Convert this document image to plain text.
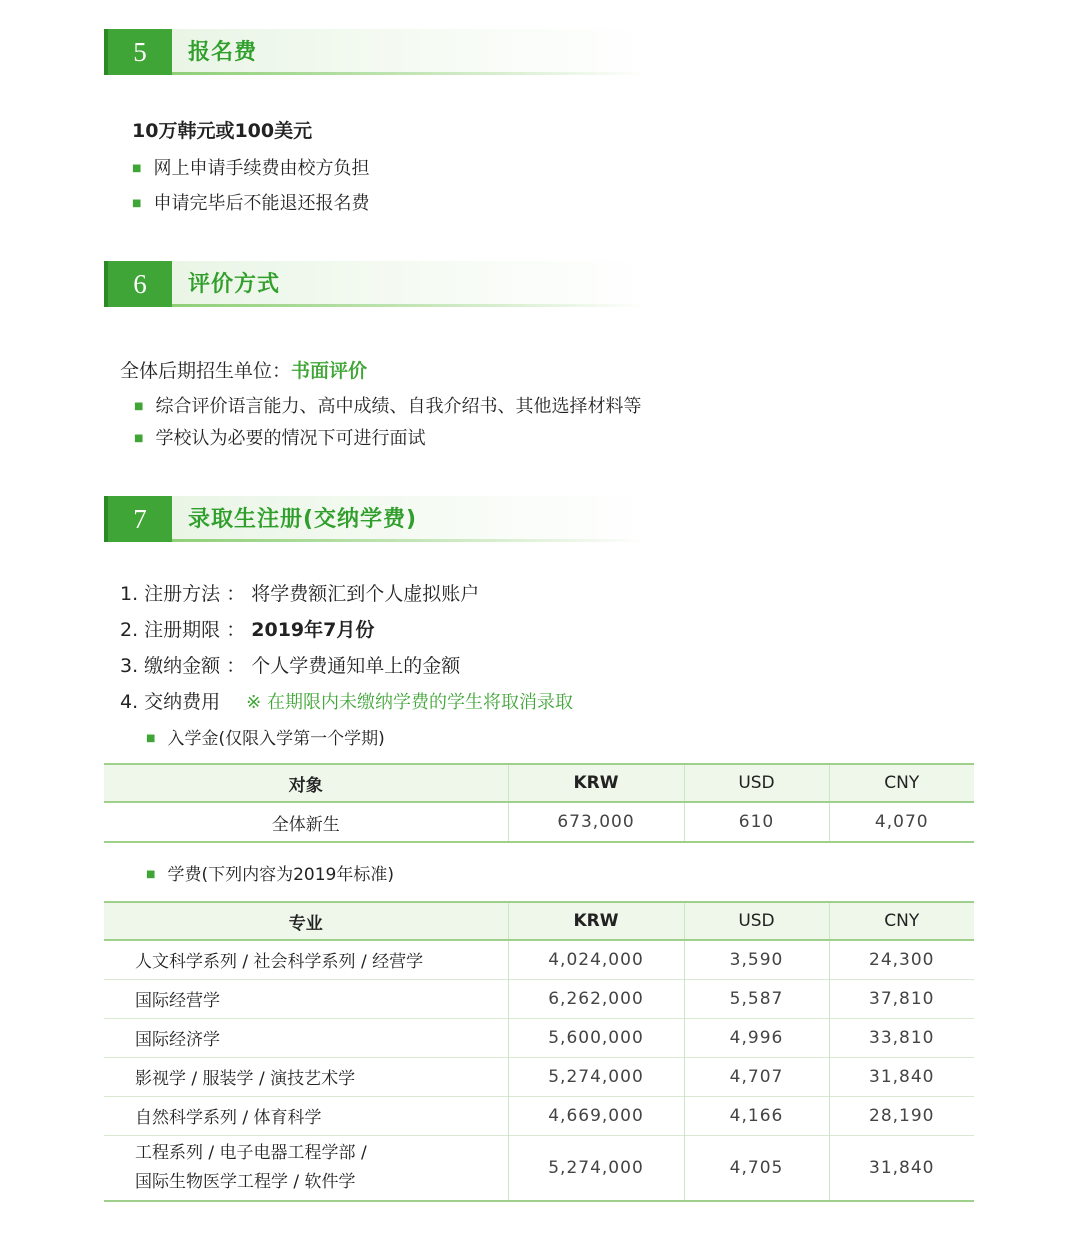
5	报名费
10万韩元或100美元
■ 网上申请手续费由校方负担
■ 申请完毕后不能退还报名费
6	评价方式
全体后期招生单位：书面评价
■ 综合评价语言能力、高中成绩、自我介绍书、其他选择材料等
■ 学校认为必要的情况下可进行面试
7	录取生注册(交纳学费)
1. 注册方法 ： 将学费额汇到个人虚拟账户
2. 注册期限 ： 2019年7月份
3. 缴纳金额 ： 个人学费通知单上的金额
4. 交纳费用 ※ 在期限内未缴纳学费的学生将取消录取
■ 入学金(仅限入学第一个学期)
对象	KRW	USD	CNY
全体新生	673,000	610	4,070
■ 学费(下列内容为2019年标准)
专业	KRW	USD	CNY
人文科学系列 / 社会科学系列 / 经营学	4,024,000	3,590	24,300
国际经营学	6,262,000	5,587	37,810
国际经济学	5,600,000	4,996	33,810
影视学 / 服装学 / 演技艺术学	5,274,000	4,707	31,840
自然科学系列 / 体育科学	4,669,000	4,166	28,190
工程系列 / 电子电器工程学部 /
国际生物医学工程学 / 软件学	5,274,000	4,705	31,840
